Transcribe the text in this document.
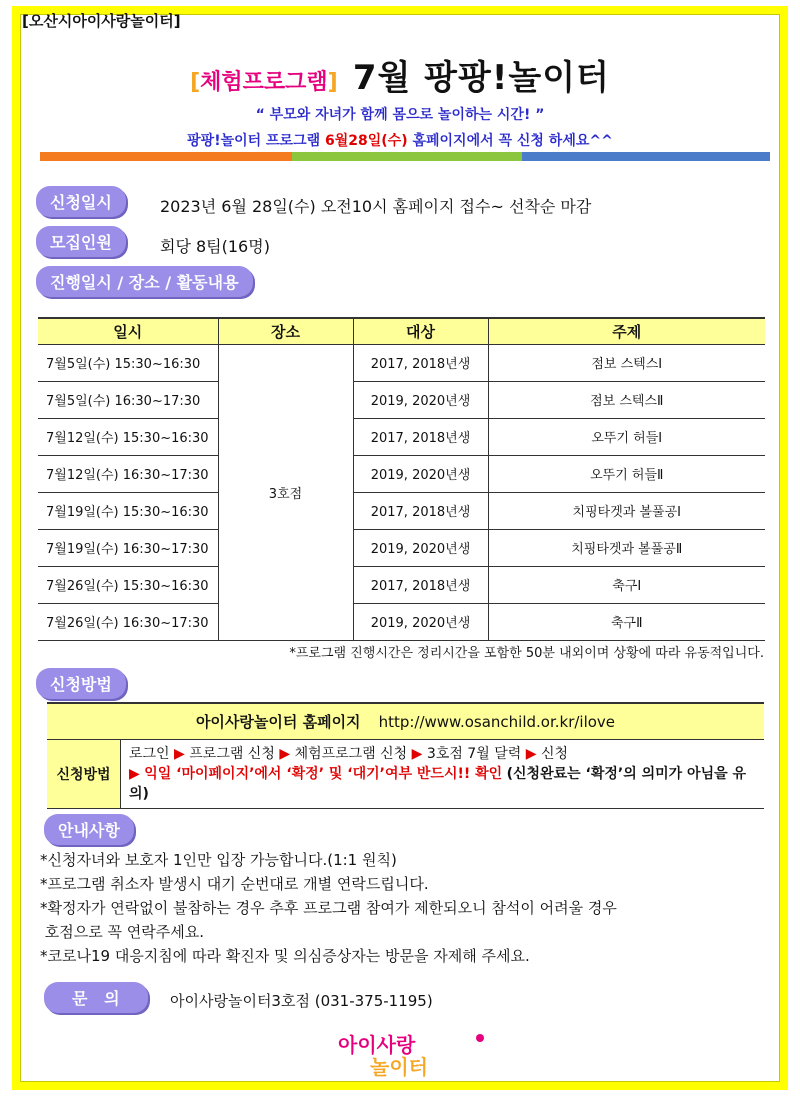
[오산시아이사랑놀이터]
[체험프로그램] 7월 팡팡!놀이터
“ 부모와 자녀가 함께 몸으로 놀이하는 시간! ”
팡팡!놀이터 프로그램 6월28일(수) 홈페이지에서 꼭 신청 하세요^^
신청일시	2023년 6월 28일(수) 오전10시 홈페이지 접수~ 선착순 마감
모집인원	회당 8팀(16명)
진행일시 / 장소 / 활동내용
일시	장소	대상	주제
7월5일(수) 15:30~16:30	3호점	2017, 2018년생	점보 스텍스Ⅰ
7월5일(수) 16:30~17:30		2019, 2020년생	점보 스텍스Ⅱ
7월12일(수) 15:30~16:30		2017, 2018년생	오뚜기 허들Ⅰ
7월12일(수) 16:30~17:30		2019, 2020년생	오뚜기 허들Ⅱ
7월19일(수) 15:30~16:30		2017, 2018년생	치핑타겟과 볼풀공Ⅰ
7월19일(수) 16:30~17:30		2019, 2020년생	치핑타겟과 볼풀공Ⅱ
7월26일(수) 15:30~16:30		2017, 2018년생	축구Ⅰ
7월26일(수) 16:30~17:30		2019, 2020년생	축구Ⅱ
*프로그램 진행시간은 정리시간을 포함한 50분 내외이며 상황에 따라 유동적입니다.
신청방법
아이사랑놀이터 홈페이지 http://www.osanchild.or.kr/ilove
신청방법
로그인 ▶ 프로그램 신청 ▶ 체험프로그램 신청 ▶ 3호점 7월 달력 ▶ 신청
▶ 익일 ‘마이페이지’에서 ‘확정’ 및 ‘대기’여부 반드시!! 확인 (신청완료는 ‘확정’의 의미가 아님을 유의)
안내사항
*신청자녀와 보호자 1인만 입장 가능합니다.(1:1 원칙)
*프로그램 취소자 발생시 대기 순번대로 개별 연락드립니다.
*확정자가 연락없이 불참하는 경우 추후 프로그램 참여가 제한되오니 참석이 어려울 경우
호점으로 꼭 연락주세요.
*코로나19 대응지침에 따라 확진자 및 의심증상자는 방문을 자제해 주세요.
문   의	아이사랑놀이터3호점 (031-375-1195)
아이사랑
놀이터
